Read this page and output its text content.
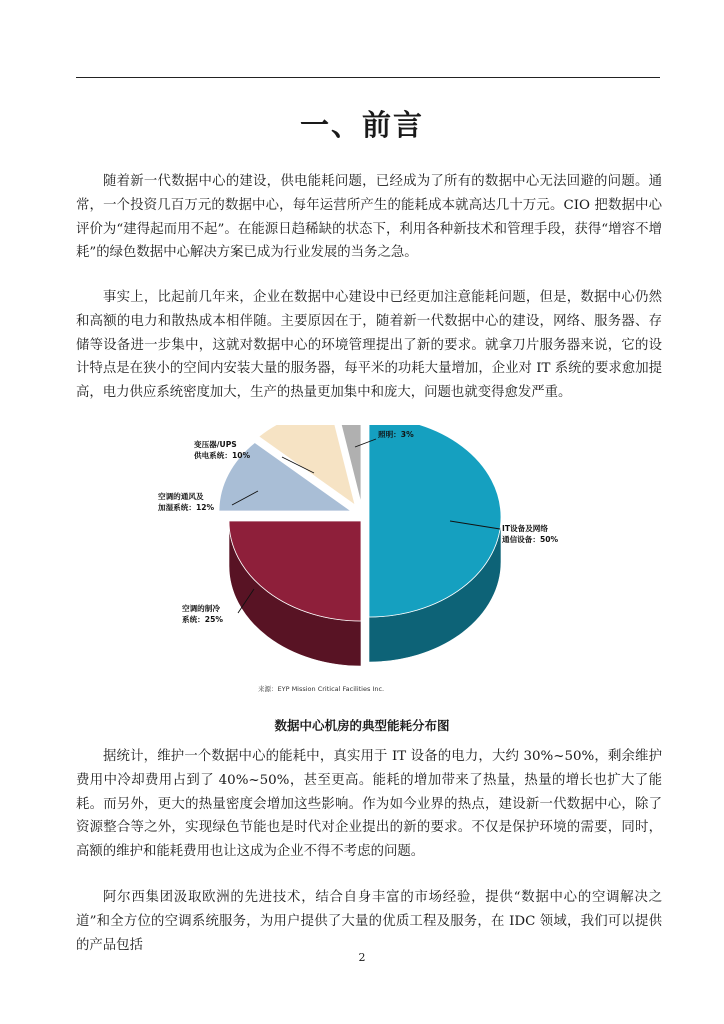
一、前言

随着新一代数据中心的建设，供电能耗问题，已经成为了所有的数据中心无法回避的问题。通常，一个投资几百万元的数据中心，每年运营所产生的能耗成本就高达几十万元。CIO 把数据中心评价为“建得起而用不起”。在能源日趋稀缺的状态下，利用各种新技术和管理手段，获得“增容不增耗”的绿色数据中心解决方案已成为行业发展的当务之急。

事实上，比起前几年来，企业在数据中心建设中已经更加注意能耗问题，但是，数据中心仍然和高额的电力和散热成本相伴随。主要原因在于，随着新一代数据中心的建设，网络、服务器、存储等设备进一步集中，这就对数据中心的环境管理提出了新的要求。就拿刀片服务器来说，它的设计特点是在狭小的空间内安装大量的服务器，每平米的功耗大量增加，企业对 IT 系统的要求愈加提高，电力供应系统密度加大，生产的热量更加集中和庞大，问题也就变得愈发严重。

IT设备及网络
通信设备：50%
空调的制冷
系统：25%
空调的通风及
加湿系统：12%
变压器/UPS
供电系统：10%
照明：3%
来源：EYP Mission Critical Facilities Inc.
数据中心机房的典型能耗分布图

据统计，维护一个数据中心的能耗中，真实用于 IT 设备的电力，大约 30%~50%，剩余维护费用中冷却费用占到了 40%~50%，甚至更高。能耗的增加带来了热量，热量的增长也扩大了能耗。而另外，更大的热量密度会增加这些影响。作为如今业界的热点，建设新一代数据中心，除了资源整合等之外，实现绿色节能也是时代对企业提出的新的要求。不仅是保护环境的需要，同时，高额的维护和能耗费用也让这成为企业不得不考虑的问题。

阿尔西集团汲取欧洲的先进技术，结合自身丰富的市场经验，提供“数据中心的空调解决之道”和全方位的空调系统服务，为用户提供了大量的优质工程及服务，在 IDC 领域，我们可以提供的产品包括

2
